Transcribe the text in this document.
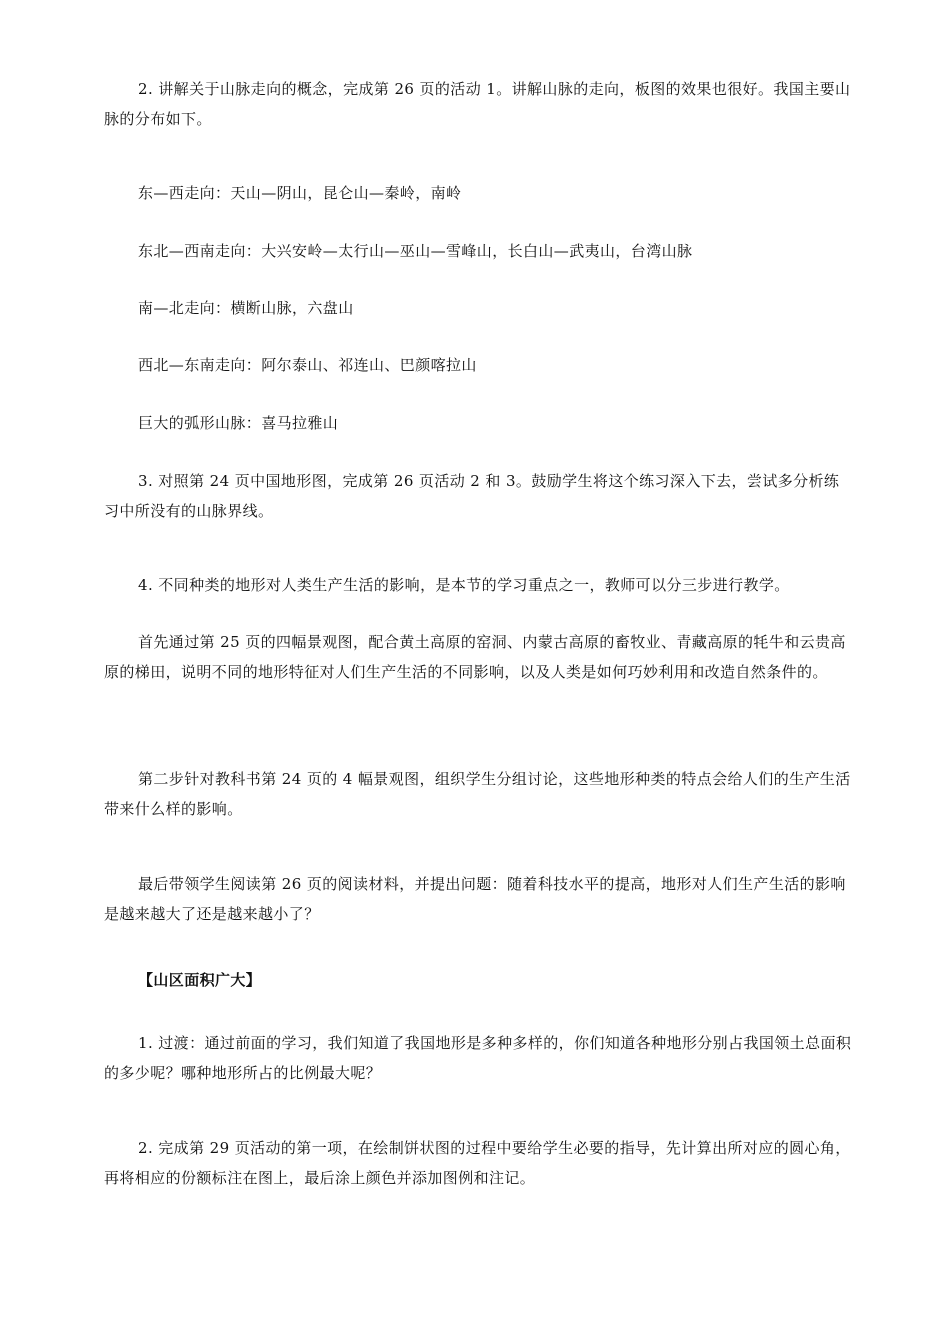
2. 讲解关于山脉走向的概念，完成第 26 页的活动 1。讲解山脉的走向，板图的效果也很好。我国主要山脉的分布如下。

东—西走向：天山—阴山，昆仑山—秦岭，南岭

东北—西南走向：大兴安岭—太行山—巫山—雪峰山，长白山—武夷山，台湾山脉

南—北走向：横断山脉，六盘山

西北—东南走向：阿尔泰山、祁连山、巴颜喀拉山

巨大的弧形山脉：喜马拉雅山

3. 对照第 24 页中国地形图，完成第 26 页活动 2 和 3。鼓励学生将这个练习深入下去，尝试多分析练习中所没有的山脉界线。

4. 不同种类的地形对人类生产生活的影响，是本节的学习重点之一，教师可以分三步进行教学。

首先通过第 25 页的四幅景观图，配合黄土高原的窑洞、内蒙古高原的畜牧业、青藏高原的牦牛和云贵高原的梯田，说明不同的地形特征对人们生产生活的不同影响，以及人类是如何巧妙利用和改造自然条件的。

第二步针对教科书第 24 页的 4 幅景观图，组织学生分组讨论，这些地形种类的特点会给人们的生产生活带来什么样的影响。

最后带领学生阅读第 26 页的阅读材料，并提出问题：随着科技水平的提高，地形对人们生产生活的影响是越来越大了还是越来越小了？

【山区面积广大】

1. 过渡：通过前面的学习，我们知道了我国地形是多种多样的，你们知道各种地形分别占我国领土总面积的多少呢？哪种地形所占的比例最大呢？

2. 完成第 29 页活动的第一项，在绘制饼状图的过程中要给学生必要的指导，先计算出所对应的圆心角，再将相应的份额标注在图上，最后涂上颜色并添加图例和注记。
